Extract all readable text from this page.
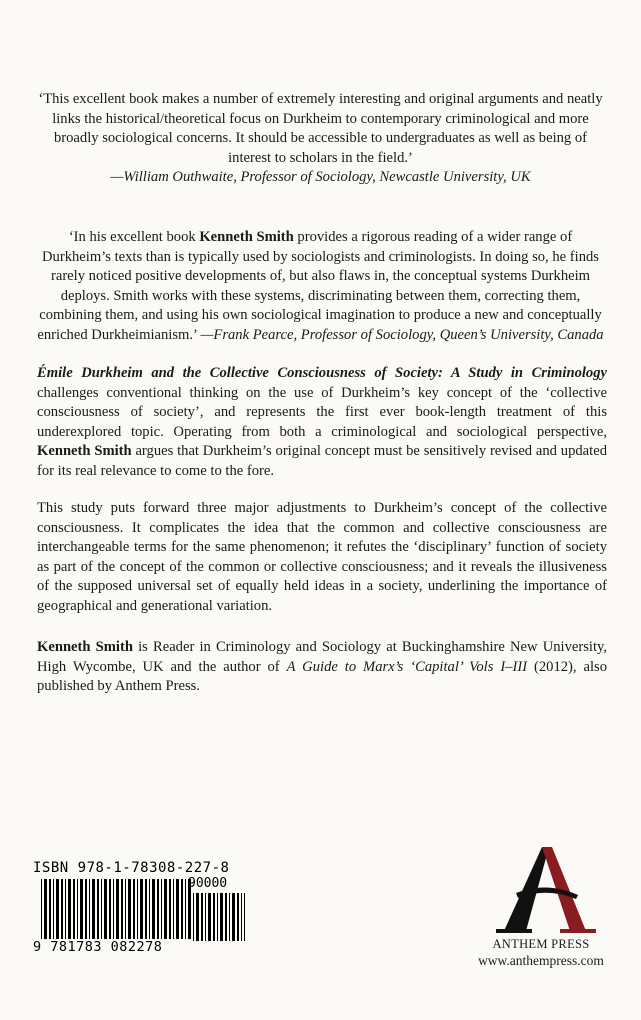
‘This excellent book makes a number of extremely interesting and original arguments and neatly links the historical/theoretical focus on Durkheim to contemporary criminological and more broadly sociological concerns. It should be accessible to undergraduates as well as being of interest to scholars in the field.’
—William Outhwaite, Professor of Sociology, Newcastle University, UK

‘In his excellent book Kenneth Smith provides a rigorous reading of a wider range of Durkheim’s texts than is typically used by sociologists and criminologists. In doing so, he finds rarely noticed positive developments of, but also flaws in, the conceptual systems Durkheim deploys. Smith works with these systems, discriminating between them, correcting them, combining them, and using his own sociological imagination to produce a new and conceptually enriched Durkheimianism.’ —Frank Pearce, Professor of Sociology, Queen’s University, Canada

Émile Durkheim and the Collective Consciousness of Society: A Study in Criminology challenges conventional thinking on the use of Durkheim’s key concept of the ‘collective consciousness of society’, and represents the first ever book-length treatment of this underexplored topic. Operating from both a criminological and sociological perspective, Kenneth Smith argues that Durkheim’s original concept must be sensitively revised and updated for its real relevance to come to the fore.

This study puts forward three major adjustments to Durkheim’s concept of the collective consciousness. It complicates the idea that the common and collective consciousness are interchangeable terms for the same phenomenon; it refutes the ‘disciplinary’ function of society as part of the concept of the common or collective consciousness; and it reveals the illusiveness of the supposed universal set of equally held ideas in a society, underlining the importance of geographical and generational variation.

Kenneth Smith is Reader in Criminology and Sociology at Buckinghamshire New University, High Wycombe, UK and the author of A Guide to Marx’s ‘Capital’ Vols I–III (2012), also published by Anthem Press.

ISBN 978-1-78308-227-8
90000
9 781783 082278	ANTHEM PRESS

www.anthempress.com
